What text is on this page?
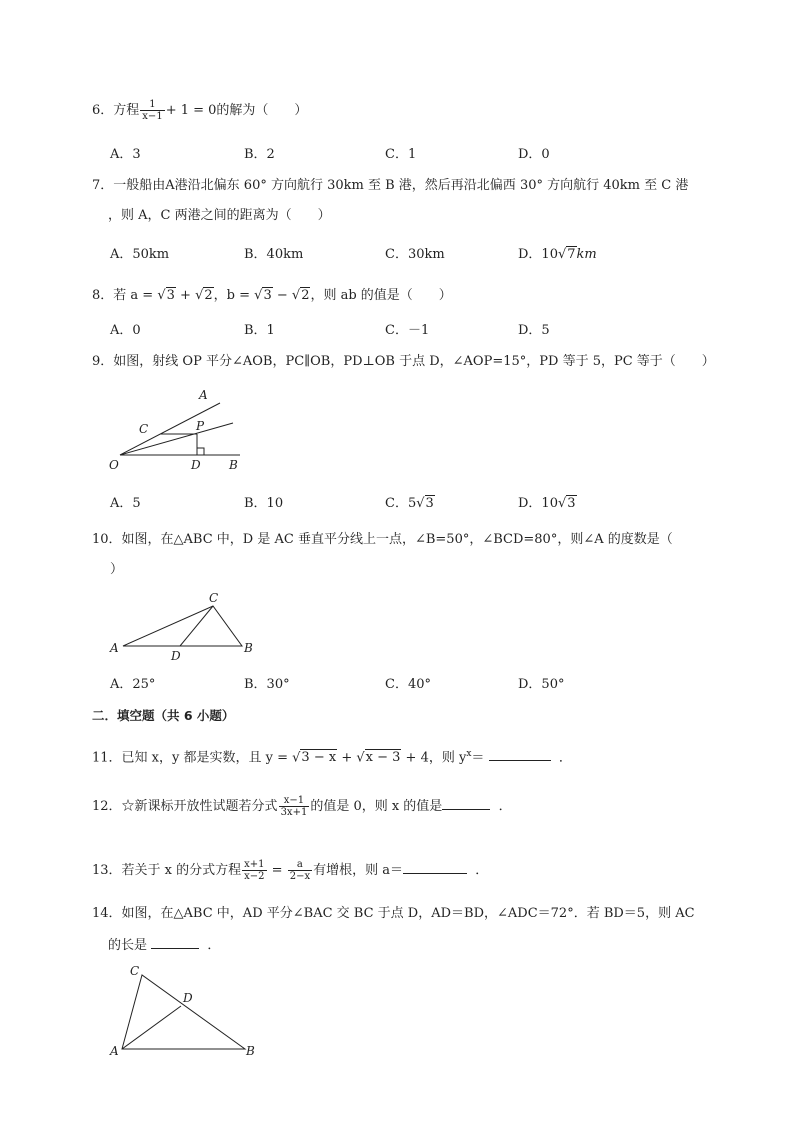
6．方程 $\frac{1}{x-1} + 1 = 0$的解为（　　）
A．3	B．2	C．1	D．0
7．一般船由A港沿北偏东 60° 方向航行 30km 至 B 港，然后再沿北偏西 30° 方向航行 40km 至 C 港
，则 A，C 两港之间的距离为（　　）
A．50km	B．40km	C．30km	D．10√7km
8．若 a = √3 + √2，b = √3 − √2，则 ab 的值是（　　）
A．0	B．1	C．－1	D．5
9．如图，射线 OP 平分∠AOB，PC∥OB，PD⊥OB 于点 D，∠AOP=15°，PD 等于 5，PC 等于（　　）
A
C	P
O	D B
A．5	B．10	C．5√3	D．10√3
10．如图，在△ABC 中，D 是 AC 垂直平分线上一点，∠B=50°，∠BCD=80°，则∠A 的度数是（
）
C
A
D
B
A．25°	B．30°	C．40°	D．50°
二．填空题（共 6 小题）
11．已知 x，y 都是实数，且 y = √3 − x + √x − 3 + 4，则 $y^x=$	．
12．☆新课标开放性试题若分式 $\frac{x-1}{3x+1}$ 的值是 0，则 x 的值是	．
13．若关于 x 的分式方程 $\frac{x+1}{x-2} = \frac{a}{2-x}$ 有增根，则 a＝	．
14．如图，在△ABC 中，AD 平分∠BAC 交 BC 于点 D，AD＝BD，∠ADC＝72°．若 BD＝5，则 AC
的长是	．
C
D
A	B
